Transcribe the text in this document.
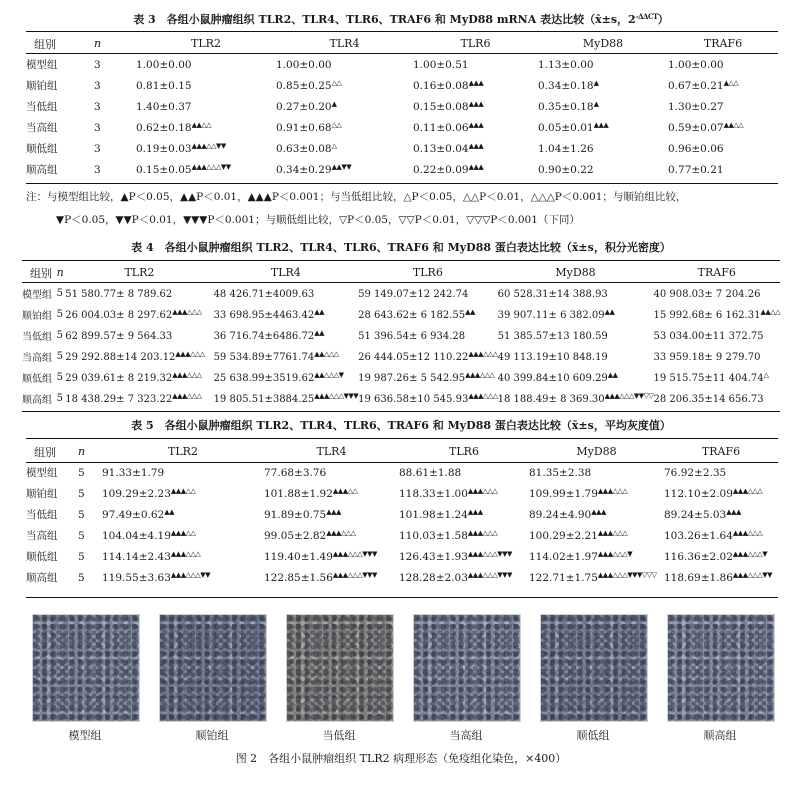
表 3　各组小鼠肿瘤组织 TLR2、TLR4、TLR6、TRAF6 和 MyD88 mRNA 表达比较（x̄±s，$2^{-\Delta\Delta CT}$）
组别	n	TLR2	TLR4	TLR6	MyD88	TRAF6
模型组	3	1.00±0.00	1.00±0.00	1.00±0.51	1.13±0.00	1.00±0.00
顺铂组	3	0.81±0.15	0.85±0.25△△	0.16±0.08▲▲▲	0.34±0.18▲	0.67±0.21▲△△
当低组	3	1.40±0.37	0.27±0.20▲	0.15±0.08▲▲▲	0.35±0.18▲	1.30±0.27
当高组	3	0.62±0.18▲▲△△	0.91±0.68△△	0.11±0.06▲▲▲	0.05±0.01▲▲▲	0.59±0.07▲▲△△
顺低组	3	0.19±0.03▲▲▲△△▼▼	0.63±0.08△	0.13±0.04▲▲▲	1.04±1.26	0.96±0.06
顺高组	3	0.15±0.05▲▲▲△△△▼▼	0.34±0.29▲▲▼▼	0.22±0.09▲▲▲	0.90±0.22	0.77±0.21
注：与模型组比较，▲P＜0.05，▲▲P＜0.01，▲▲▲P＜0.001；与当低组比较，△P＜0.05，△△P＜0.01，△△△P＜0.001；与顺铂组比较，
▼P＜0.05，▼▼P＜0.01，▼▼▼P＜0.001；与顺低组比较，▽P＜0.05，▽▽P＜0.01，▽▽▽P＜0.001（下同）
表 4　各组小鼠肿瘤组织 TLR2、TLR4、TLR6、TRAF6 和 MyD88 蛋白表达比较（x̄±s，积分光密度）
组别	n	TLR2	TLR4	TLR6	MyD88	TRAF6
模型组	5	51 580.77± 8 789.62	48 426.71±4009.63	59 149.07±12 242.74	60 528.31±14 388.93	40 908.03± 7 204.26
顺铂组	5	26 004.03± 8 297.62▲▲▲△△△	33 698.95±4463.42▲▲	28 643.62± 6 182.55▲▲	39 907.11± 6 382.09▲▲	15 992.68± 6 162.31▲▲△△
当低组	5	62 899.57± 9 564.33	36 716.74±6486.72▲▲	51 396.54± 6 934.28	51 385.57±13 180.59	53 034.00±11 372.75
当高组	5	29 292.88±14 203.12▲▲▲△△△	59 534.89±7761.74▲▲△△△	26 444.05±12 110.22▲▲▲△△△	49 113.19±10 848.19	33 959.18± 9 279.70
顺低组	5	29 039.61± 8 219.32▲▲▲△△△	25 638.99±3519.62▲▲△△△▼	19 987.26± 5 542.95▲▲▲△△△	40 399.84±10 609.29▲▲	19 515.75±11 404.74△
顺高组	5	18 438.29± 7 323.22▲▲▲△△△	19 805.51±3884.25▲▲▲△△△▼▼▼	19 636.58±10 545.93▲▲▲△△△	18 188.49± 8 369.30▲▲▲△△△▼▼▽▽	28 206.35±14 656.73
表 5　各组小鼠肿瘤组织 TLR2、TLR4、TLR6、TRAF6 和 MyD88 蛋白表达比较（x̄±s，平均灰度值）
组别	n	TLR2	TLR4	TLR6	MyD88	TRAF6
模型组	5	91.33±1.79	77.68±3.76	88.61±1.88	81.35±2.38	76.92±2.35
顺铂组	5	109.29±2.23▲▲▲△△	101.88±1.92▲▲▲△△	118.33±1.00▲▲▲△△△	109.99±1.79▲▲▲△△△	112.10±2.09▲▲▲△△△
当低组	5	97.49±0.62▲▲	91.89±0.75▲▲▲	101.98±1.24▲▲▲	89.24±4.90▲▲▲	89.24±5.03▲▲▲
当高组	5	104.04±4.19▲▲▲△△	99.05±2.82▲▲▲△△△	110.03±1.58▲▲▲△△△	100.29±2.21▲▲▲△△△	103.26±1.64▲▲▲△△△
顺低组	5	114.14±2.43▲▲▲△△△	119.40±1.49▲▲▲△△△▼▼▼	126.43±1.93▲▲▲△△△▼▼▼	114.02±1.97▲▲▲△△△▼	116.36±2.02▲▲▲△△△▼
顺高组	5	119.55±3.63▲▲▲△△△▼▼	122.85±1.56▲▲▲△△△▼▼▼	128.28±2.03▲▲▲△△△▼▼▼	122.71±1.75▲▲▲△△△▼▼▼▽▽▽	118.69±1.86▲▲▲△△△▼▼
模型组	顺铂组	当低组	当高组	顺低组	顺高组
图 2　各组小鼠肿瘤组织 TLR2 病理形态（免疫组化染色，×400）
